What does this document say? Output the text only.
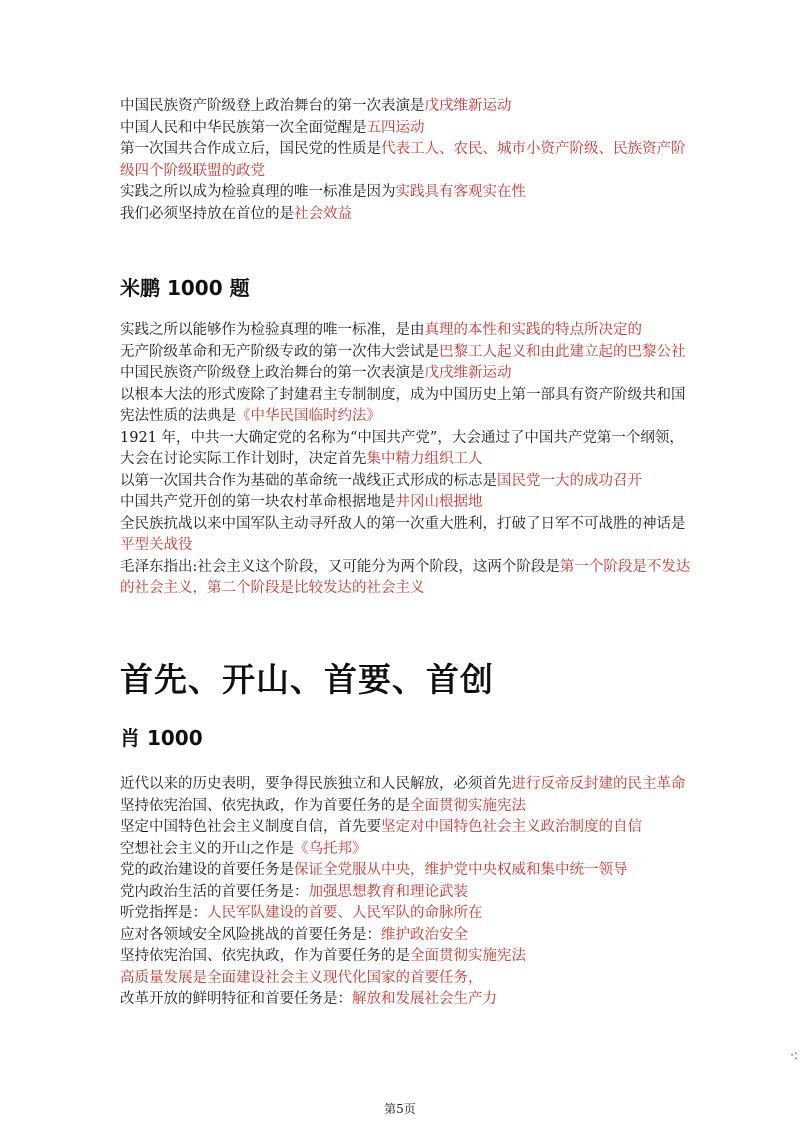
中国民族资产阶级登上政治舞台的第一次表演是戊戌维新运动

中国人民和中华民族第一次全面觉醒是五四运动

第一次国共合作成立后，国民党的性质是代表工人、农民、城市小资产阶级、民族资产阶级四个阶级联盟的政党

实践之所以成为检验真理的唯一标准是因为实践具有客观实在性

我们必须坚持放在首位的是社会效益

米鹏 1000 题

实践之所以能够作为检验真理的唯一标准，是由真理的本性和实践的特点所决定的

无产阶级革命和无产阶级专政的第一次伟大尝试是巴黎工人起义和由此建立起的巴黎公社

中国民族资产阶级登上政治舞台的第一次表演是戊戌维新运动

以根本大法的形式废除了封建君主专制制度，成为中国历史上第一部具有资产阶级共和国宪法性质的法典是《中华民国临时约法》

1921 年，中共一大确定党的名称为“中国共产党”，大会通过了中国共产党第一个纲领，大会在讨论实际工作计划时，决定首先集中精力组织工人

以第一次国共合作为基础的革命统一战线正式形成的标志是国民党一大的成功召开

中国共产党开创的第一块农村革命根据地是井冈山根据地

全民族抗战以来中国军队主动寻歼敌人的第一次重大胜利，打破了日军不可战胜的神话是平型关战役

毛泽东指出:社会主义这个阶段，又可能分为两个阶段，这两个阶段是第一个阶段是不发达的社会主义，第二个阶段是比较发达的社会主义

首先、开山、首要、首创
肖 1000

近代以来的历史表明，要争得民族独立和人民解放，必须首先进行反帝反封建的民主革命

坚持依宪治国、依宪执政，作为首要任务的是全面贯彻实施宪法

坚定中国特色社会主义制度自信，首先要坚定对中国特色社会主义政治制度的自信

空想社会主义的开山之作是《乌托邦》

党的政治建设的首要任务是保证全党服从中央，维护党中央权威和集中统一领导

党内政治生活的首要任务是：加强思想教育和理论武装

听党指挥是：人民军队建设的首要、人民军队的命脉所在

应对各领域安全风险挑战的首要任务是：维护政治安全

坚持依宪治国、依宪执政，作为首要任务的是全面贯彻实施宪法

高质量发展是全面建设社会主义现代化国家的首要任务，

改革开放的鲜明特征和首要任务是：解放和发展社会生产力

·:
第5页
